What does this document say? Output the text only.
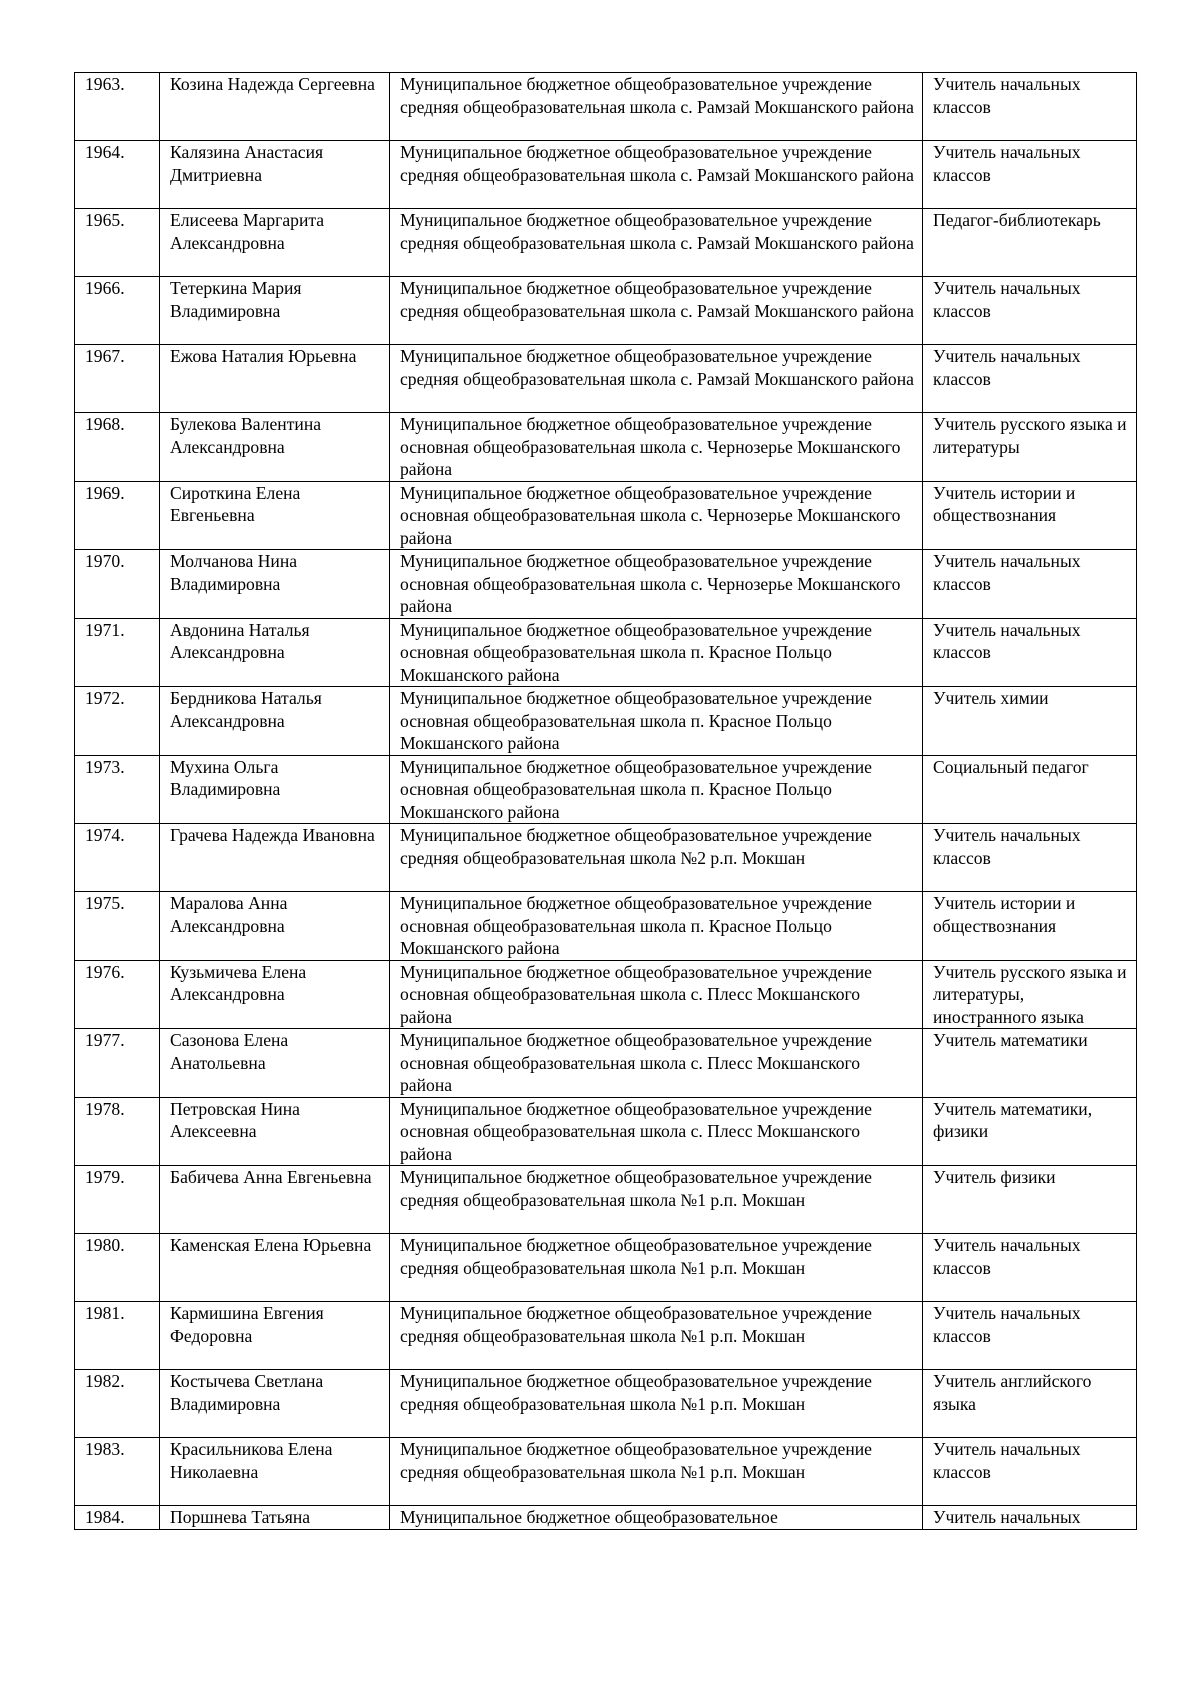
1963.	Козина Надежда Сергеевна	Муниципальное бюджетное общеобразовательное учреждение средняя общеобразовательная школа с. Рамзай Мокшанского района	Учитель начальных классов
1964.	Калязина Анастасия Дмитриевна	Муниципальное бюджетное общеобразовательное учреждение средняя общеобразовательная школа с. Рамзай Мокшанского района	Учитель начальных классов
1965.	Елисеева Маргарита Александровна	Муниципальное бюджетное общеобразовательное учреждение средняя общеобразовательная школа с. Рамзай Мокшанского района	Педагог-библиотекарь
1966.	Тетеркина Мария Владимировна	Муниципальное бюджетное общеобразовательное учреждение средняя общеобразовательная школа с. Рамзай Мокшанского района	Учитель начальных классов
1967.	Ежова Наталия Юрьевна	Муниципальное бюджетное общеобразовательное учреждение средняя общеобразовательная школа с. Рамзай Мокшанского района	Учитель начальных классов
1968.	Булекова Валентина Александровна	Муниципальное бюджетное общеобразовательное учреждение основная общеобразовательная школа с. Чернозерье Мокшанского района	Учитель русского языка и литературы
1969.	Сироткина Елена Евгеньевна	Муниципальное бюджетное общеобразовательное учреждение основная общеобразовательная школа с. Чернозерье Мокшанского района	Учитель истории и обществознания
1970.	Молчанова Нина Владимировна	Муниципальное бюджетное общеобразовательное учреждение основная общеобразовательная школа с. Чернозерье Мокшанского района	Учитель начальных классов
1971.	Авдонина Наталья Александровна	Муниципальное бюджетное общеобразовательное учреждение основная общеобразовательная школа п. Красное Польцо Мокшанского района	Учитель начальных классов
1972.	Бердникова Наталья Александровна	Муниципальное бюджетное общеобразовательное учреждение основная общеобразовательная школа п. Красное Польцо Мокшанского района	Учитель химии
1973.	Мухина Ольга Владимировна	Муниципальное бюджетное общеобразовательное учреждение основная общеобразовательная школа п. Красное Польцо Мокшанского района	Социальный педагог
1974.	Грачева Надежда Ивановна	Муниципальное бюджетное общеобразовательное учреждение средняя общеобразовательная школа №2 р.п. Мокшан	Учитель начальных классов
1975.	Маралова Анна Александровна	Муниципальное бюджетное общеобразовательное учреждение основная общеобразовательная школа п. Красное Польцо Мокшанского района	Учитель истории и обществознания
1976.	Кузьмичева Елена Александровна	Муниципальное бюджетное общеобразовательное учреждение основная общеобразовательная школа с. Плесс Мокшанского района	Учитель русского языка и литературы, иностранного языка
1977.	Сазонова Елена Анатольевна	Муниципальное бюджетное общеобразовательное учреждение основная общеобразовательная школа с. Плесс Мокшанского района	Учитель математики
1978.	Петровская Нина Алексеевна	Муниципальное бюджетное общеобразовательное учреждение основная общеобразовательная школа с. Плесс Мокшанского района	Учитель математики, физики
1979.	Бабичева Анна Евгеньевна	Муниципальное бюджетное общеобразовательное учреждение средняя общеобразовательная школа №1 р.п. Мокшан	Учитель физики
1980.	Каменская Елена Юрьевна	Муниципальное бюджетное общеобразовательное учреждение средняя общеобразовательная школа №1 р.п. Мокшан	Учитель начальных классов
1981.	Кармишина Евгения Федоровна	Муниципальное бюджетное общеобразовательное учреждение средняя общеобразовательная школа №1 р.п. Мокшан	Учитель начальных классов
1982.	Костычева Светлана Владимировна	Муниципальное бюджетное общеобразовательное учреждение средняя общеобразовательная школа №1 р.п. Мокшан	Учитель английского языка
1983.	Красильникова Елена Николаевна	Муниципальное бюджетное общеобразовательное учреждение средняя общеобразовательная школа №1 р.п. Мокшан	Учитель начальных классов
1984.	Поршнева Татьяна	Муниципальное бюджетное общеобразовательное	Учитель начальных
